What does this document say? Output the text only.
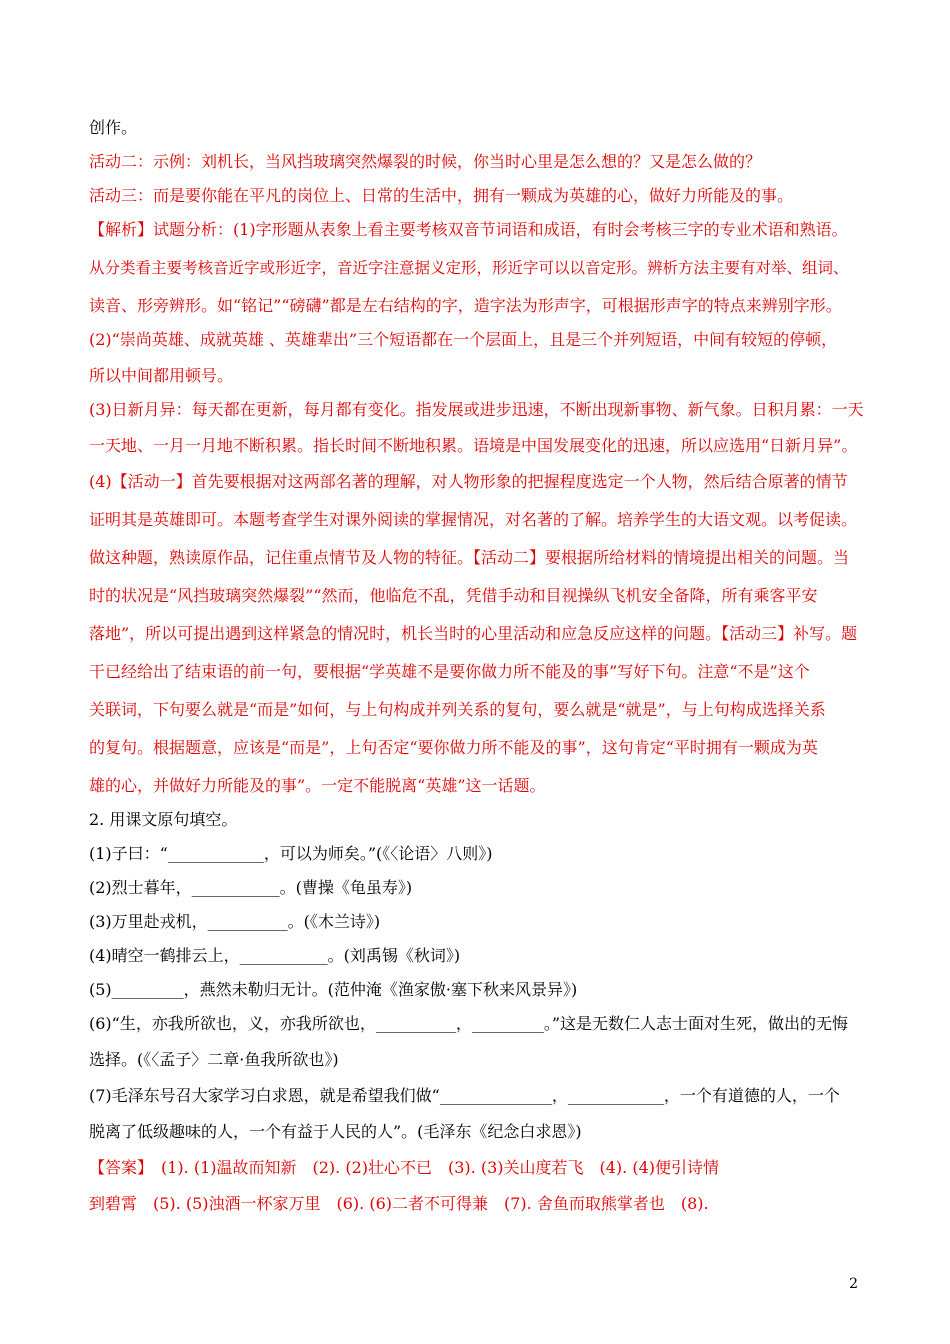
创作。
活动二：示例：刘机长，当风挡玻璃突然爆裂的时候，你当时心里是怎么想的？又是怎么做的？
活动三：而是要你能在平凡的岗位上、日常的生活中，拥有一颗成为英雄的心，做好力所能及的事。
【解析】试题分析：(1)字形题从表象上看主要考核双音节词语和成语，有时会考核三字的专业术语和熟语。
从分类看主要考核音近字或形近字，音近字注意据义定形，形近字可以以音定形。辨析方法主要有对举、组词、
读音、形旁辨形。如“铭记”“磅礴”都是左右结构的字，造字法为形声字，可根据形声字的特点来辨别字形。
(2)“崇尚英雄、成就英雄 、英雄辈出”三个短语都在一个层面上，且是三个并列短语，中间有较短的停顿，
所以中间都用顿号。
(3)日新月异：每天都在更新，每月都有变化。指发展或进步迅速，不断出现新事物、新气象。日积月累：一天
一天地、一月一月地不断积累。指长时间不断地积累。语境是中国发展变化的迅速，所以应选用“日新月异”。
(4)【活动一】首先要根据对这两部名著的理解，对人物形象的把握程度选定一个人物，然后结合原著的情节
证明其是英雄即可。本题考查学生对课外阅读的掌握情况，对名著的了解。培养学生的大语文观。以考促读。
做这种题，熟读原作品，记住重点情节及人物的特征。【活动二】要根据所给材料的情境提出相关的问题。当
时的状况是“风挡玻璃突然爆裂”“然而，他临危不乱，凭借手动和目视操纵飞机安全备降，所有乘客平安
落地”，所以可提出遇到这样紧急的情况时，机长当时的心里活动和应急反应这样的问题。【活动三】补写。题
干已经给出了结束语的前一句，要根据“学英雄不是要你做力所不能及的事”写好下句。注意“不是”这个
关联词，下句要么就是“而是”如何，与上句构成并列关系的复句，要么就是“就是”，与上句构成选择关系
的复句。根据题意，应该是“而是”，上句否定“要你做力所不能及的事”，这句肯定“平时拥有一颗成为英
雄的心，并做好力所能及的事”。一定不能脱离“英雄”这一话题。
2. 用课文原句填空。
(1)子曰：“____________，可以为师矣。”(《〈论语〉八则》)
(2)烈士暮年，___________。(曹操《龟虽寿》)
(3)万里赴戎机，__________。(《木兰诗》)
(4)晴空一鹤排云上，___________。(刘禹锡《秋词》)
(5)_________，燕然未勒归无计。(范仲淹《渔家傲·塞下秋来风景异》)
(6)“生，亦我所欲也，义，亦我所欲也，__________，_________。”这是无数仁人志士面对生死，做出的无悔
选择。(《〈孟子〉二章·鱼我所欲也》)
(7)毛泽东号召大家学习白求恩，就是希望我们做“______________，____________，一个有道德的人，一个
脱离了低级趣味的人，一个有益于人民的人”。(毛泽东《纪念白求恩》)
【答案】　(1). (1)温故而知新　(2). (2)壮心不已　(3). (3)关山度若飞　(4). (4)便引诗情
到碧霄　(5). (5)浊酒一杯家万里　(6). (6)二者不可得兼　(7). 舍鱼而取熊掌者也　(8).
2
